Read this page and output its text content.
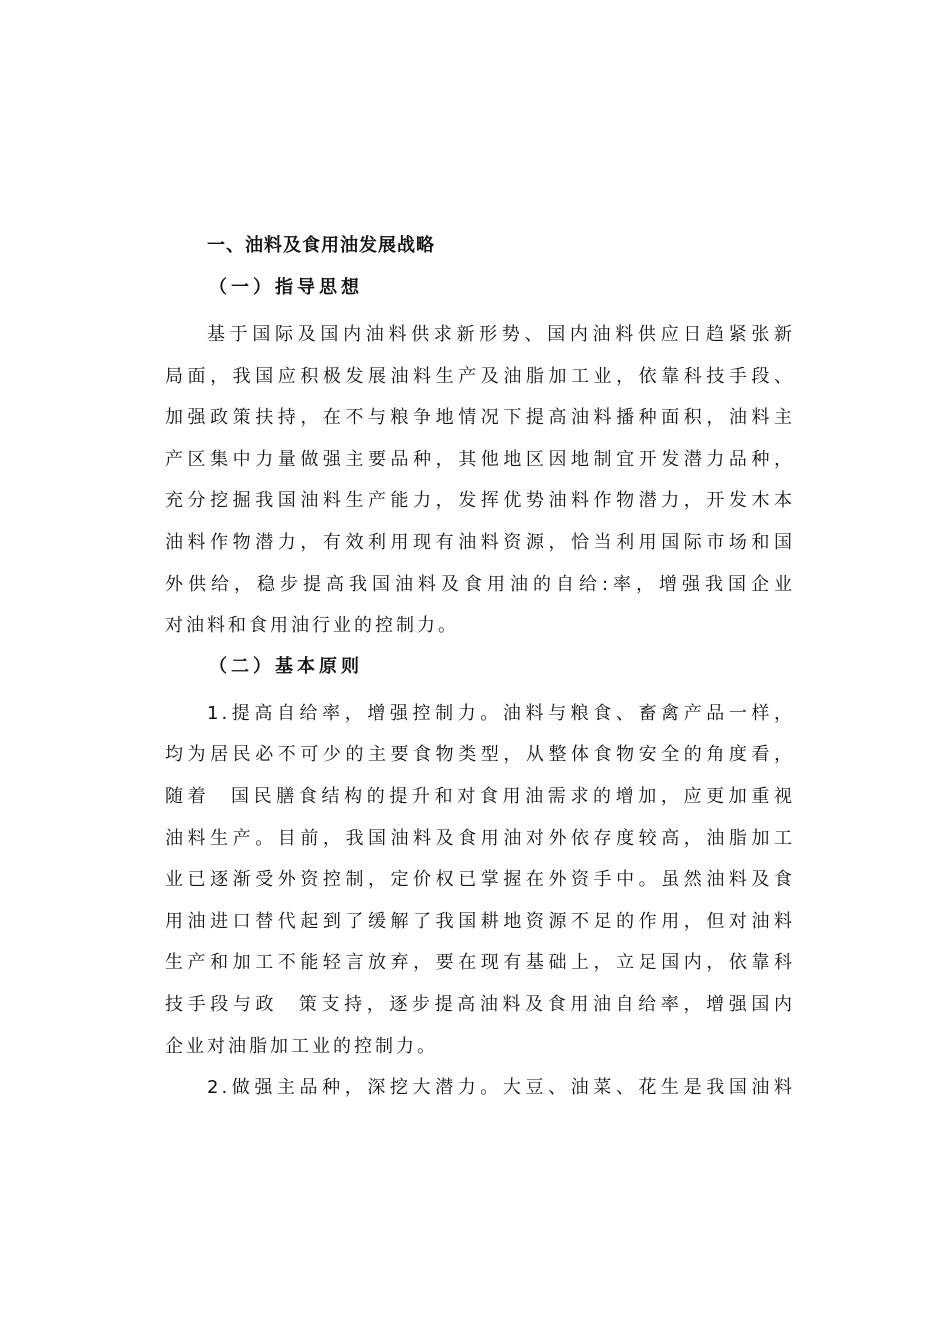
一、油料及食用油发展战略
（一）指导思想
基于国际及国内油料供求新形势、国内油料供应日趋紧张新
局面，我国应积极发展油料生产及油脂加工业，依靠科技手段、
加强政策扶持，在不与粮争地情况下提高油料播种面积，油料主
产区集中力量做强主要品种，其他地区因地制宜开发潜力品种，
充分挖掘我国油料生产能力，发挥优势油料作物潜力，开发木本
油料作物潜力，有效利用现有油料资源，恰当利用国际市场和国
外供给，稳步提高我国油料及食用油的自给:率，增强我国企业
对油料和食用油行业的控制力。
（二）基本原则
1.提高自给率，增强控制力。油料与粮食、畜禽产品一样，
均为居民必不可少的主要食物类型，从整体食物安全的角度看，
随着  国民膳食结构的提升和对食用油需求的增加，应更加重视
油料生产。目前，我国油料及食用油对外依存度较高，油脂加工
业已逐渐受外资控制，定价权已掌握在外资手中。虽然油料及食
用油进口替代起到了缓解了我国耕地资源不足的作用，但对油料
生产和加工不能轻言放弃，要在现有基础上，立足国内，依靠科
技手段与政  策支持，逐步提高油料及食用油自给率，增强国内
企业对油脂加工业的控制力。
2.做强主品种，深挖大潜力。大豆、油菜、花生是我国油料
